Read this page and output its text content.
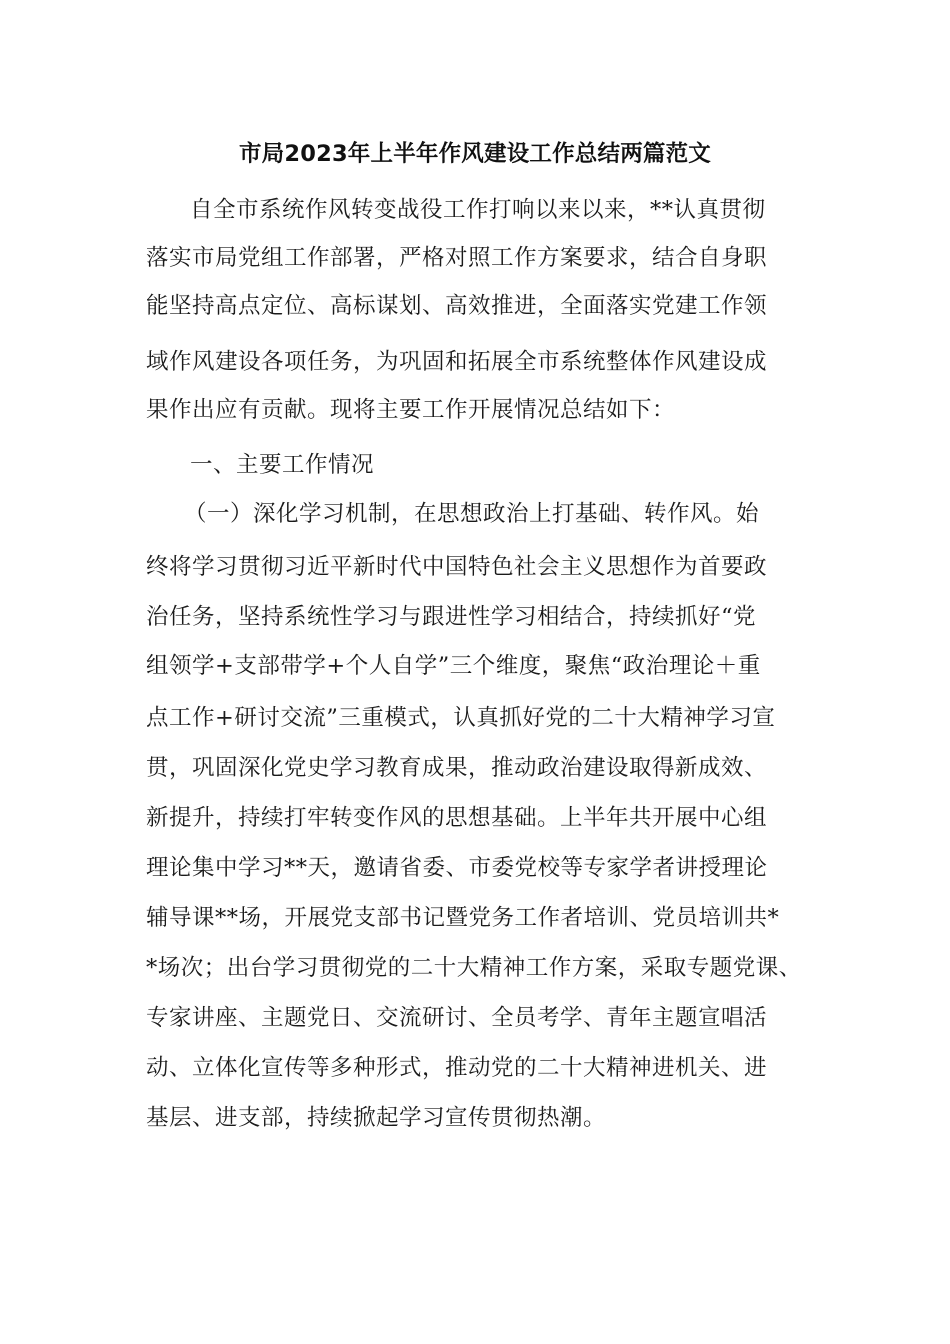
市局2023年上半年作风建设工作总结两篇范文
自全市系统作风转变战役工作打响以来以来，**认真贯彻
落实市局党组工作部署，严格对照工作方案要求，结合自身职
能坚持高点定位、高标谋划、高效推进，全面落实党建工作领
域作风建设各项任务，为巩固和拓展全市系统整体作风建设成
果作出应有贡献。现将主要工作开展情况总结如下：
一、主要工作情况
（一）深化学习机制，在思想政治上打基础、转作风。始
终将学习贯彻习近平新时代中国特色社会主义思想作为首要政
治任务，坚持系统性学习与跟进性学习相结合，持续抓好“党
组领学+支部带学+个人自学”三个维度，聚焦“政治理论＋重
点工作+研讨交流”三重模式，认真抓好党的二十大精神学习宣
贯，巩固深化党史学习教育成果，推动政治建设取得新成效、
新提升，持续打牢转变作风的思想基础。上半年共开展中心组
理论集中学习**天，邀请省委、市委党校等专家学者讲授理论
辅导课**场，开展党支部书记暨党务工作者培训、党员培训共*
*场次；出台学习贯彻党的二十大精神工作方案，采取专题党课、
专家讲座、主题党日、交流研讨、全员考学、青年主题宣唱活
动、立体化宣传等多种形式，推动党的二十大精神进机关、进
基层、进支部，持续掀起学习宣传贯彻热潮。
